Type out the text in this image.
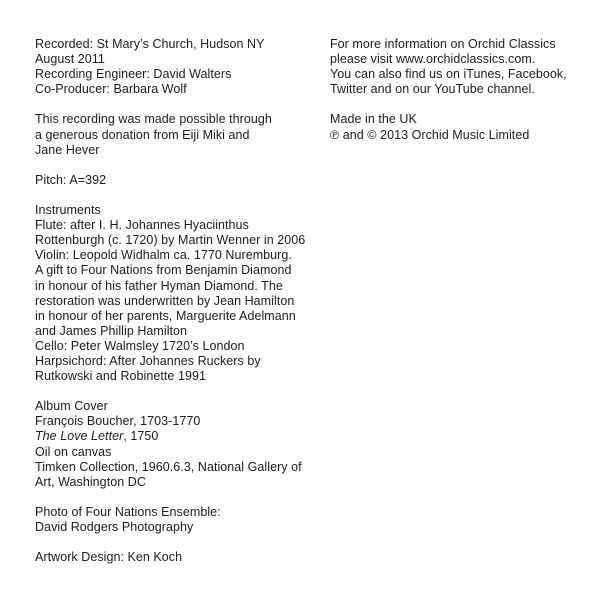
Recorded: St Mary’s Church, Hudson NY
August 2011
Recording Engineer: David Walters
Co-Producer: Barbara Wolf
This recording was made possible through
a generous donation from Eiji Miki and
Jane Hever
Pitch: A=392
Instruments
Flute: after I. H. Johannes Hyaciinthus
Rottenburgh (c. 1720) by Martin Wenner in 2006
Violin: Leopold Widhalm ca. 1770 Nuremburg.
A gift to Four Nations from Benjamin Diamond
in honour of his father Hyman Diamond. The
restoration was underwritten by Jean Hamilton
in honour of her parents, Marguerite Adelmann
and James Phillip Hamilton
Cello: Peter Walmsley 1720’s London
Harpsichord: After Johannes Ruckers by
Rutkowski and Robinette 1991
Album Cover
François Boucher, 1703-1770
The Love Letter, 1750
Oil on canvas
Timken Collection, 1960.6.3, National Gallery of
Art, Washington DC
Photo of Four Nations Ensemble:
David Rodgers Photography
Artwork Design: Ken Koch
For more information on Orchid Classics
please visit www.orchidclassics.com.
You can also find us on iTunes, Facebook,
Twitter and on our YouTube channel.
Made in the UK
℗ and © 2013 Orchid Music Limited
